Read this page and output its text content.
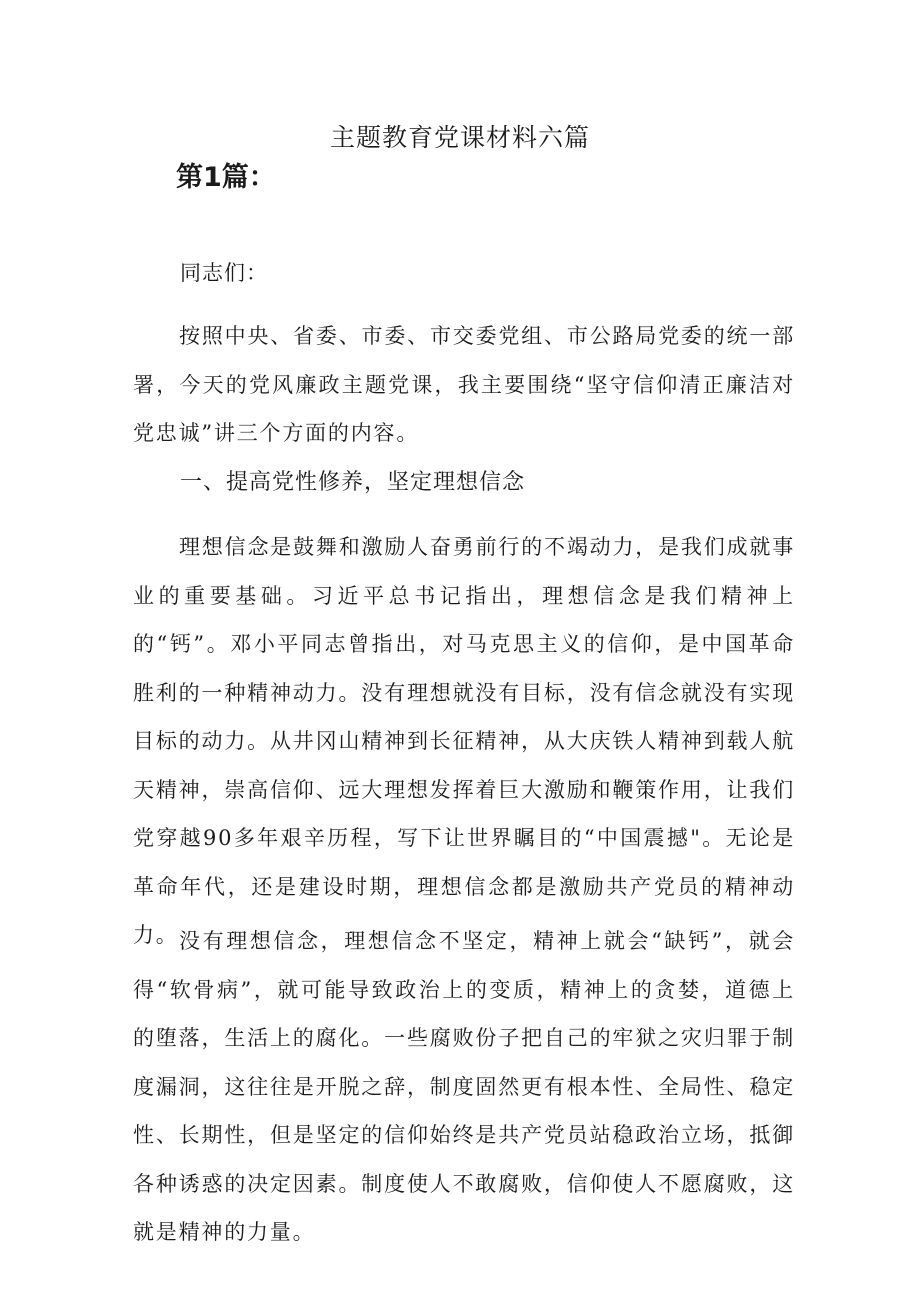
主题教育党课材料六篇
第1篇：

同志们：

按照中央、省委、市委、市交委党组、市公路局党委的统一部署，今天的党风廉政主题党课，我主要围绕“坚守信仰清正廉洁对党忠诚”讲三个方面的内容。

一、提高党性修养，坚定理想信念

理想信念是鼓舞和激励人奋勇前行的不竭动力，是我们成就事业的重要基础。习近平总书记指出，理想信念是我们精神上的“钙”。邓小平同志曾指出，对马克思主义的信仰，是中国革命胜利的一种精神动力。没有理想就没有目标，没有信念就没有实现目标的动力。从井冈山精神到长征精神，从大庆铁人精神到载人航天精神，崇高信仰、远大理想发挥着巨大激励和鞭策作用，让我们党穿越90多年艰辛历程，写下让世界瞩目的“中国震撼"。无论是革命年代，还是建设时期，理想信念都是激励共产党员的精神动力。 没有理想信念，理想信念不坚定，精神上就会“缺钙”，就会得“软骨病”，就可能导致政治上的变质，精神上的贪婪，道德上的堕落，生活上的腐化。一些腐败份子把自己的牢狱之灾归罪于制度漏洞，这往往是开脱之辞，制度固然更有根本性、全局性、稳定性、长期性，但是坚定的信仰始终是共产党员站稳政治立场，抵御各种诱惑的决定因素。制度使人不敢腐败，信仰使人不愿腐败，这就是精神的力量。
